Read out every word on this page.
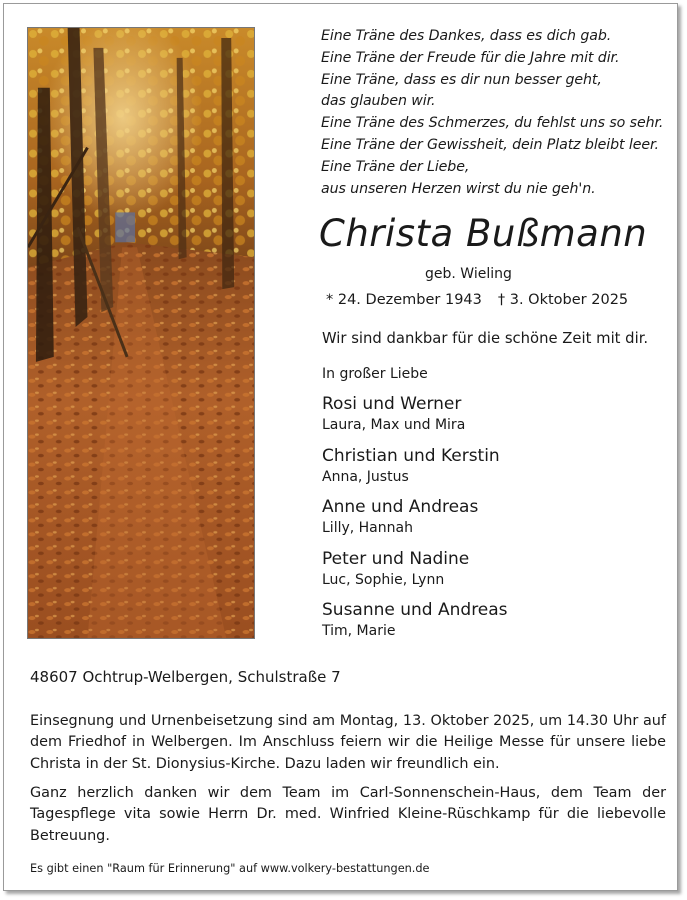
Eine Träne des Dankes, dass es dich gab.
Eine Träne der Freude für die Jahre mit dir.
Eine Träne, dass es dir nun besser geht,
das glauben wir.
Eine Träne des Schmerzes, du fehlst uns so sehr.
Eine Träne der Gewissheit, dein Platz bleibt leer.
Eine Träne der Liebe,
aus unseren Herzen wirst du nie geh'n.
Christa Bußmann
geb. Wieling
* 24. Dezember 1943 † 3. Oktober 2025
Wir sind dankbar für die schöne Zeit mit dir.
In großer Liebe
Rosi und Werner
Laura, Max und Mira
Christian und Kerstin
Anna, Justus
Anne und Andreas
Lilly, Hannah
Peter und Nadine
Luc, Sophie, Lynn
Susanne und Andreas
Tim, Marie
48607 Ochtrup-Welbergen, Schulstraße 7
Einsegnung und Urnenbeisetzung sind am Montag, 13. Oktober 2025, um 14.30 Uhr auf dem Friedhof in Welbergen. Im Anschluss feiern wir die Heilige Messe für unsere liebe Christa in der St. Dionysius-Kirche. Dazu laden wir freundlich ein.
Ganz herzlich danken wir dem Team im Carl-Sonnenschein-Haus, dem Team der Tagespflege vita sowie Herrn Dr. med. Winfried Kleine-Rüschkamp für die liebevolle Betreuung.
Es gibt einen "Raum für Erinnerung" auf www.volkery-bestattungen.de
